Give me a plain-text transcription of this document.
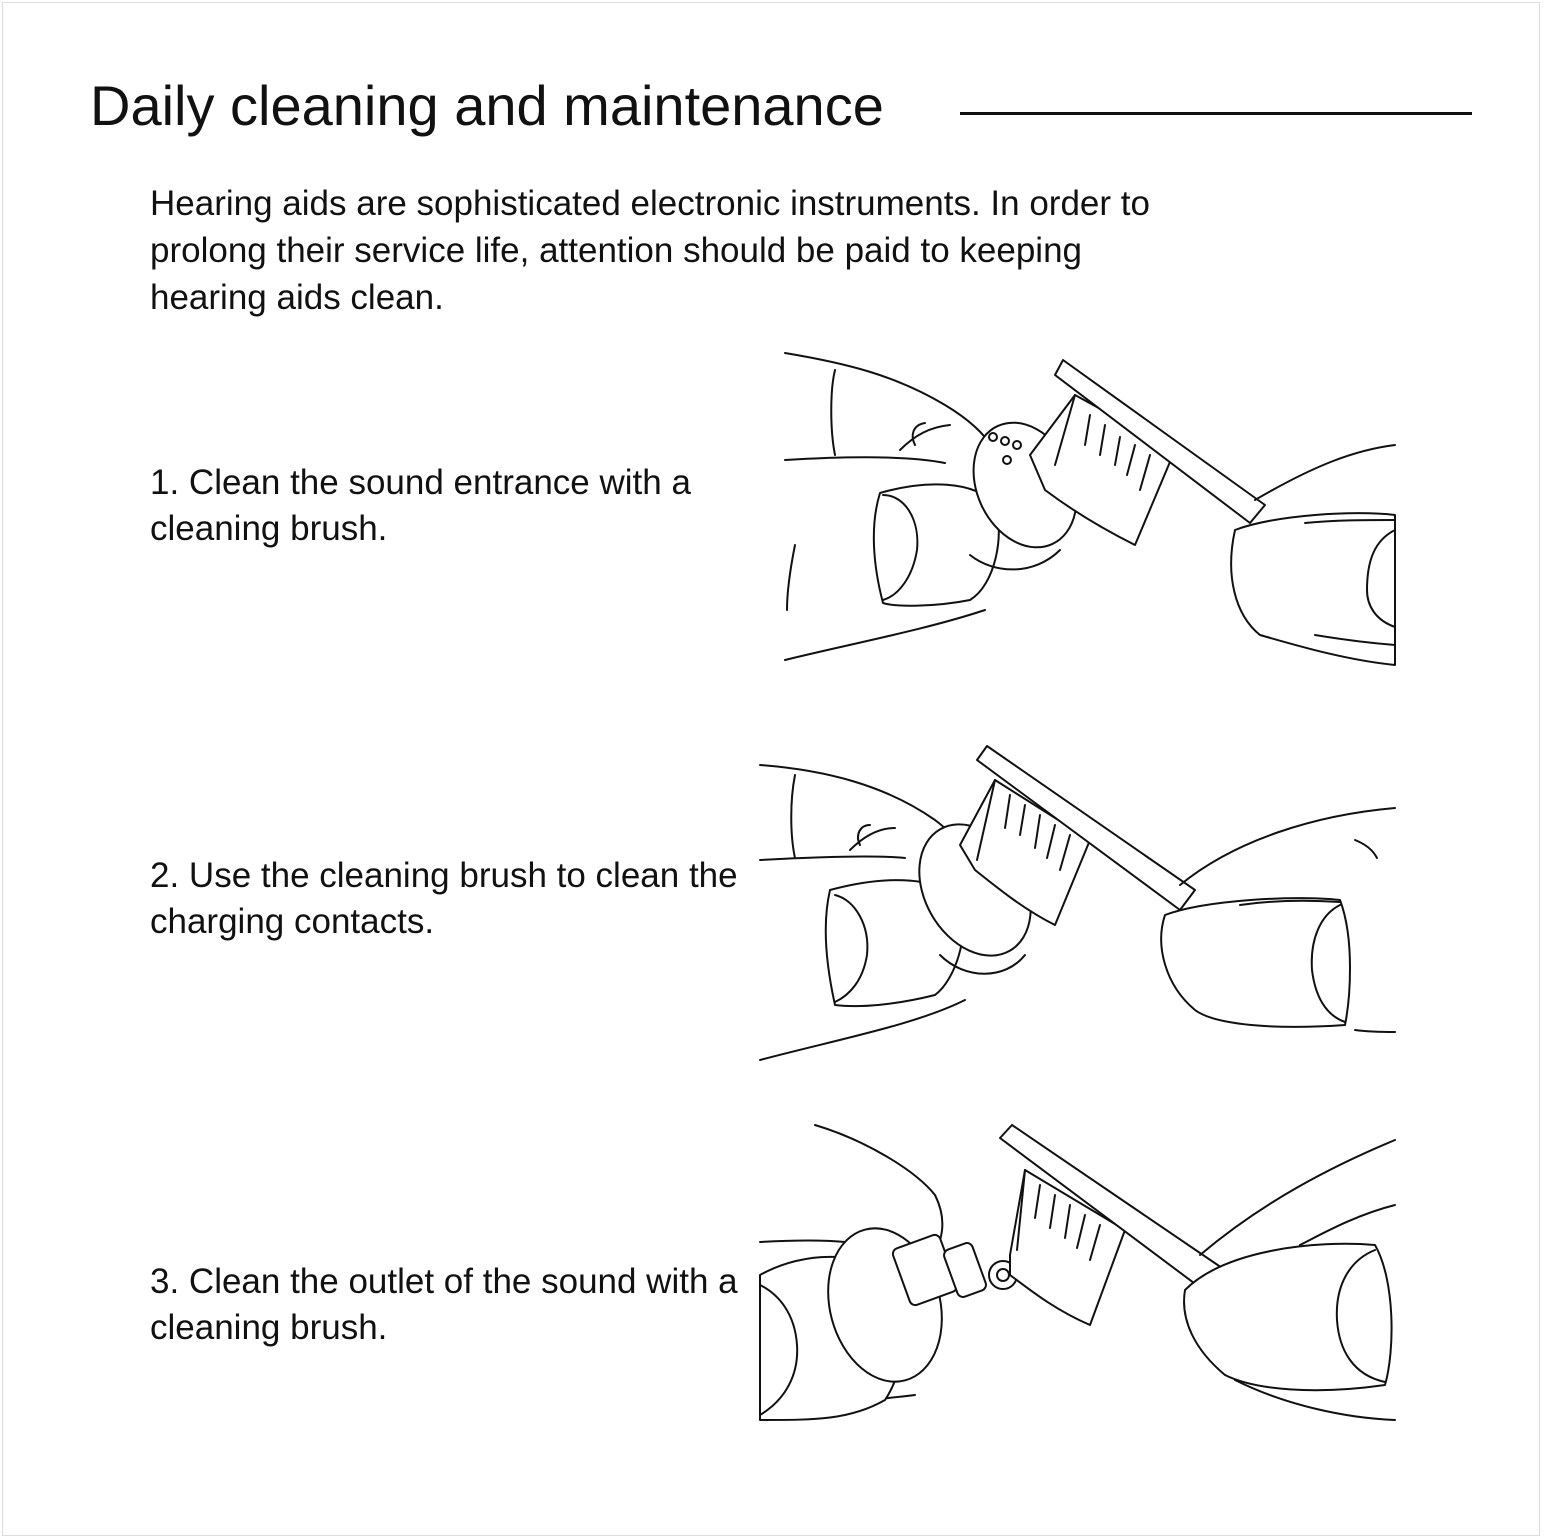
Daily cleaning and maintenance

Hearing aids are sophisticated electronic instruments. In order to prolong their service life, attention should be paid to keeping hearing aids clean.

1. Clean the sound entrance with a cleaning brush.

2. Use the cleaning brush to clean the charging contacts.

3. Clean the outlet of the sound with a cleaning brush.
